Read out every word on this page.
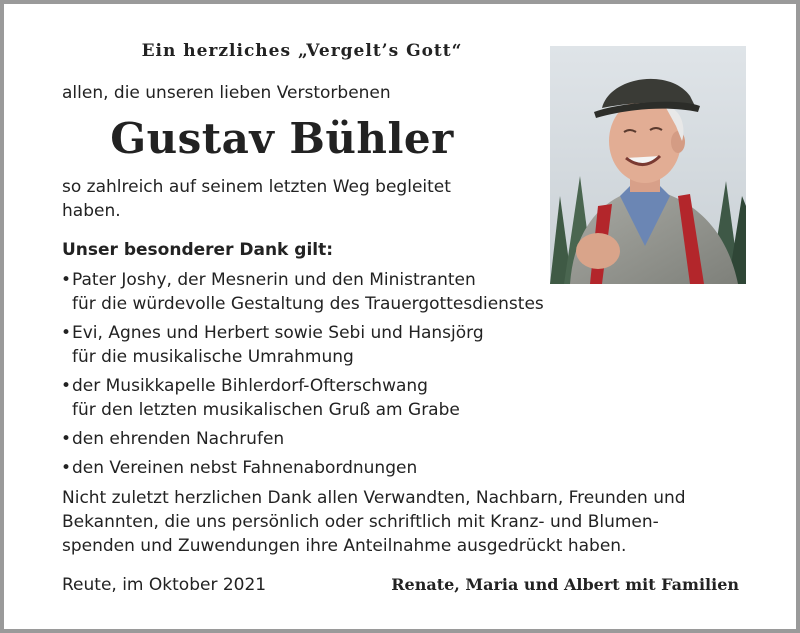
Ein herzliches „Vergelt’s Gott“
allen, die unseren lieben Verstorbenen
Gustav Bühler
so zahlreich auf seinem letzten Weg begleitet
haben.
Unser besonderer Dank gilt:
• Pater Joshy, der Mesnerin und den Ministranten
für die würdevolle Gestaltung des Trauergottesdienstes
• Evi, Agnes und Herbert sowie Sebi und Hansjörg
für die musikalische Umrahmung
• der Musikkapelle Bihlerdorf-Ofterschwang
für den letzten musikalischen Gruß am Grabe
• den ehrenden Nachrufen
• den Vereinen nebst Fahnenabordnungen
Nicht zuletzt herzlichen Dank allen Verwandten, Nachbarn, Freunden und
Bekannten, die uns persönlich oder schriftlich mit Kranz- und Blumen-
spenden und Zuwendungen ihre Anteilnahme ausgedrückt haben.
Reute, im Oktober 2021	Renate, Maria und Albert mit Familien
